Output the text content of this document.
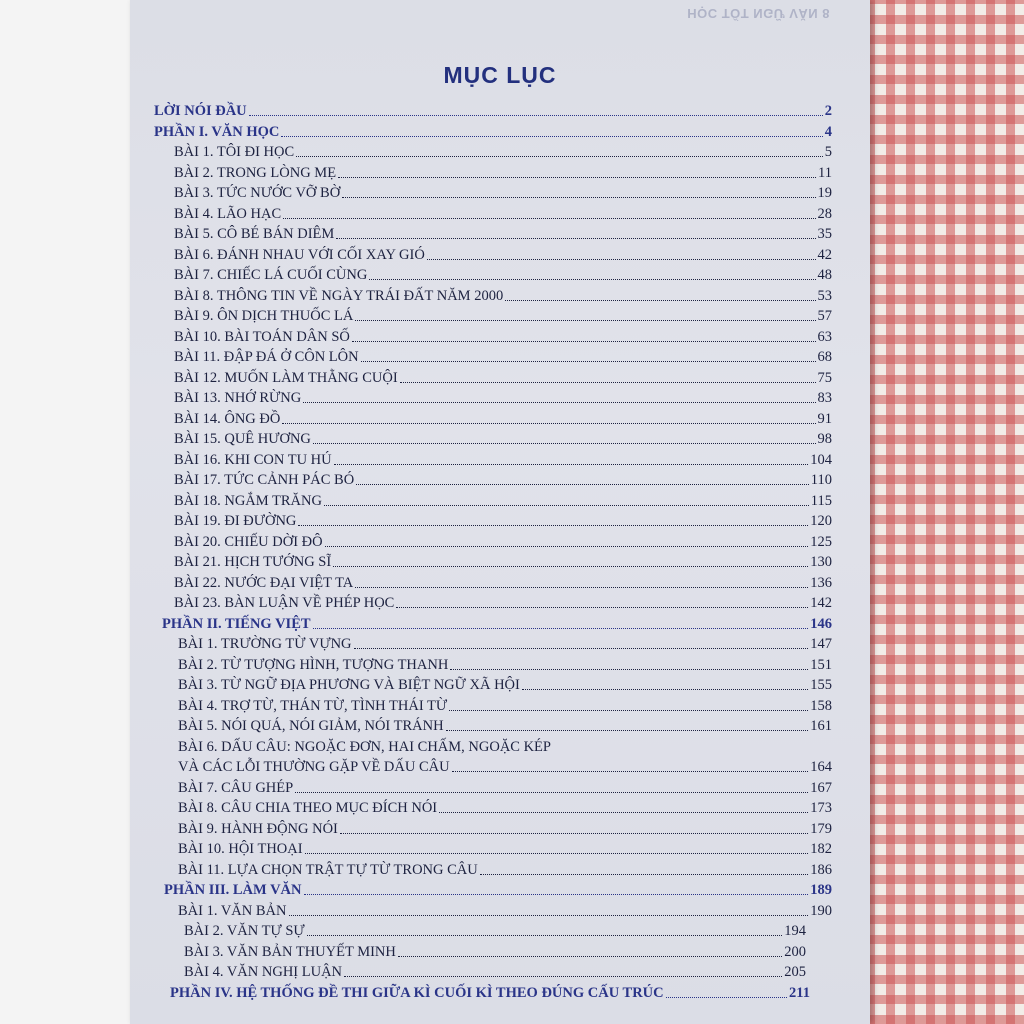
HỌC TỐT NGỮ VĂN 8
MỤC LỤC
LỜI NÓI ĐẦU	2
PHẦN I. VĂN HỌC	4
BÀI 1. TÔI ĐI HỌC	5
BÀI 2. TRONG LÒNG MẸ	11
BÀI 3. TỨC NƯỚC VỠ BỜ	19
BÀI 4. LÃO HẠC	28
BÀI 5. CÔ BÉ BÁN DIÊM	35
BÀI 6. ĐÁNH NHAU VỚI CỐI XAY GIÓ	42
BÀI 7. CHIẾC LÁ CUỐI CÙNG	48
BÀI 8. THÔNG TIN VỀ NGÀY TRÁI ĐẤT NĂM 2000	53
BÀI 9. ÔN DỊCH THUỐC LÁ	57
BÀI 10. BÀI TOÁN DÂN SỐ	63
BÀI 11. ĐẬP ĐÁ Ở CÔN LÔN	68
BÀI 12. MUỐN LÀM THẰNG CUỘI	75
BÀI 13. NHỚ RỪNG	83
BÀI 14. ÔNG ĐỒ	91
BÀI 15. QUÊ HƯƠNG	98
BÀI 16. KHI CON TU HÚ	104
BÀI 17. TỨC CẢNH PÁC BÓ	110
BÀI 18. NGẮM TRĂNG	115
BÀI 19. ĐI ĐƯỜNG	120
BÀI 20. CHIẾU DỜI ĐÔ	125
BÀI 21. HỊCH TƯỚNG SĨ	130
BÀI 22. NƯỚC ĐẠI VIỆT TA	136
BÀI 23. BÀN LUẬN VỀ PHÉP HỌC	142
PHẦN II. TIẾNG VIỆT	146
BÀI 1. TRƯỜNG TỪ VỰNG	147
BÀI 2. TỪ TƯỢNG HÌNH, TƯỢNG THANH	151
BÀI 3. TỪ NGỮ ĐỊA PHƯƠNG VÀ BIỆT NGỮ XÃ HỘI	155
BÀI 4. TRỢ TỪ, THÁN TỪ, TÌNH THÁI TỪ	158
BÀI 5. NÓI QUÁ, NÓI GIẢM, NÓI TRÁNH	161
BÀI 6. DẤU CÂU: NGOẶC ĐƠN, HAI CHẤM, NGOẶC KÉP
VÀ CÁC LỖI THƯỜNG GẶP VỀ DẤU CÂU	164
BÀI 7. CÂU GHÉP	167
BÀI 8. CÂU CHIA THEO MỤC ĐÍCH NÓI	173
BÀI 9. HÀNH ĐỘNG NÓI	179
BÀI 10. HỘI THOẠI	182
BÀI 11. LỰA CHỌN TRẬT TỰ TỪ TRONG CÂU	186
PHẦN III. LÀM VĂN	189
BÀI 1. VĂN BẢN	190
BÀI 2. VĂN TỰ SỰ	194
BÀI 3. VĂN BẢN THUYẾT MINH	200
BÀI 4. VĂN NGHỊ LUẬN	205
PHẦN IV. HỆ THỐNG ĐỀ THI GIỮA KÌ CUỐI KÌ THEO ĐÚNG CẤU TRÚC	211
